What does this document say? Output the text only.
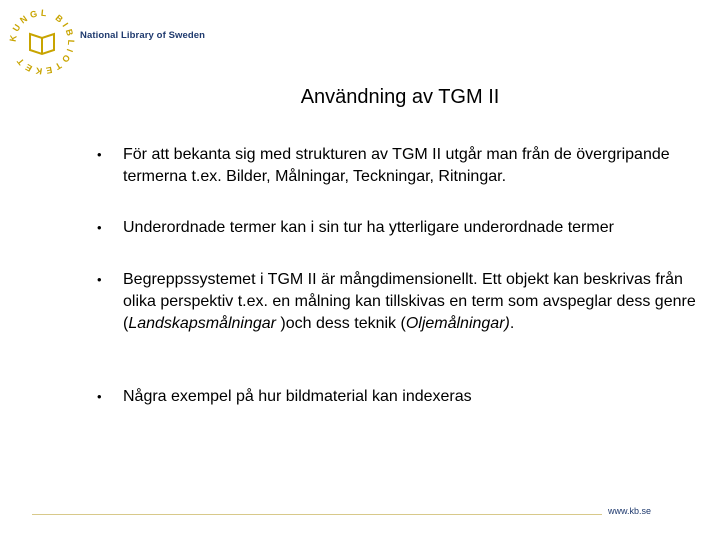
KUNGL BIBLIOTEKET
National Library of Sweden
Användning av TGM II
• För att bekanta sig med strukturen av TGM II utgår man från de övergripande termerna t.ex. Bilder, Målningar, Teckningar, Ritningar.
• Underordnade termer kan i sin tur ha ytterligare underordnade termer
• Begreppssystemet i TGM II är mångdimensionellt. Ett objekt kan beskrivas från olika perspektiv t.ex. en målning kan tillskivas en term som avspeglar dess genre (Landskapsmålningar )och dess teknik (Oljemålningar).
• Några exempel på hur bildmaterial kan indexeras
www.kb.se
